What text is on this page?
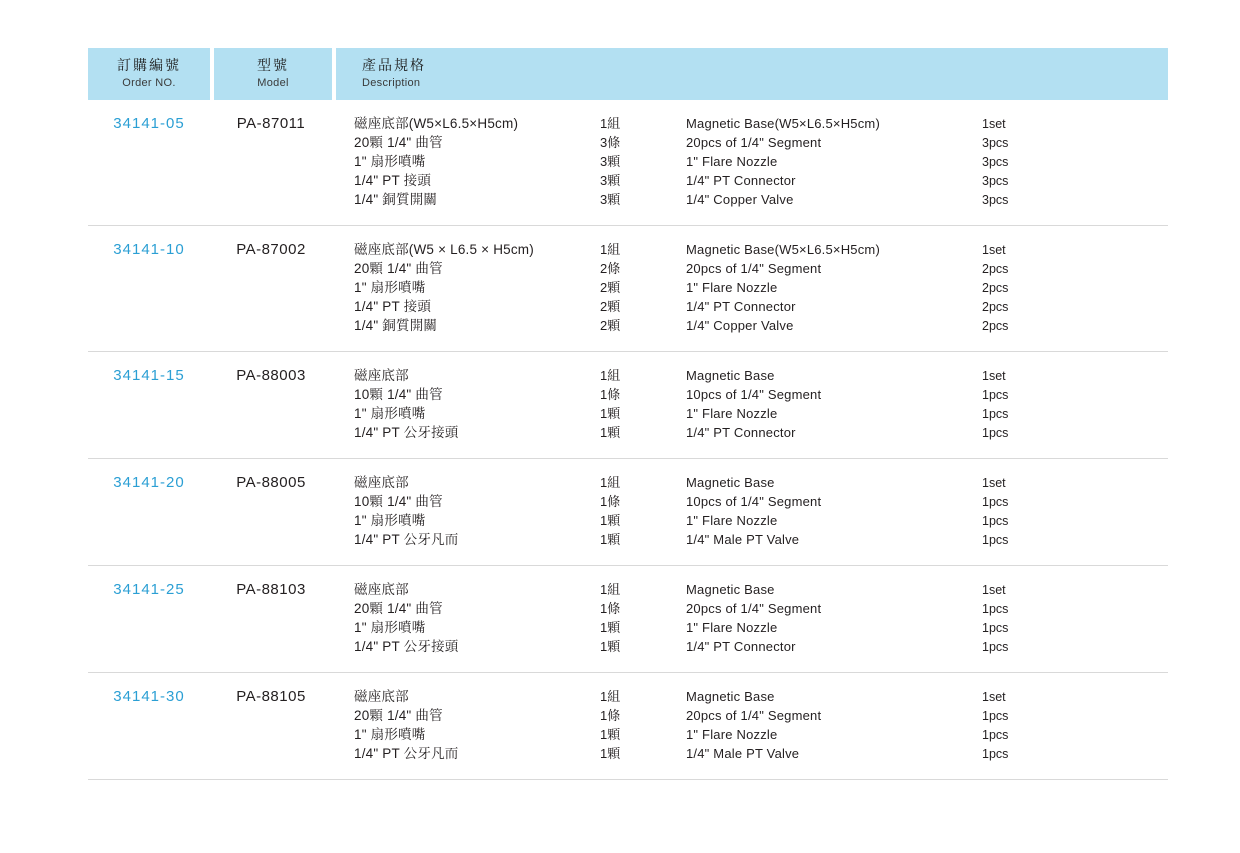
訂購編號
Order NO.
型號
Model
產品規格
Description
34141-05	PA-87011	磁座底部(W5×L6.5×H5cm)	1組	Magnetic Base(W5×L6.5×H5cm)	1set
20顆 1/4" 曲管	3條	20pcs of 1/4" Segment	3pcs
1" 扇形噴嘴	3顆	1" Flare Nozzle	3pcs
1/4" PT 接頭	3顆	1/4" PT Connector	3pcs
1/4" 銅質開關	3顆	1/4" Copper Valve	3pcs
34141-10	PA-87002	磁座底部(W5 × L6.5 × H5cm)	1組	Magnetic Base(W5×L6.5×H5cm)	1set
20顆 1/4" 曲管	2條	20pcs of 1/4" Segment	2pcs
1" 扇形噴嘴	2顆	1" Flare Nozzle	2pcs
1/4" PT 接頭	2顆	1/4" PT Connector	2pcs
1/4" 銅質開關	2顆	1/4" Copper Valve	2pcs
34141-15	PA-88003	磁座底部	1組	Magnetic Base	1set
10顆 1/4" 曲管	1條	10pcs of 1/4" Segment	1pcs
1" 扇形噴嘴	1顆	1" Flare Nozzle	1pcs
1/4" PT 公牙接頭	1顆	1/4" PT Connector	1pcs
34141-20	PA-88005	磁座底部	1組	Magnetic Base	1set
10顆 1/4" 曲管	1條	10pcs of 1/4" Segment	1pcs
1" 扇形噴嘴	1顆	1" Flare Nozzle	1pcs
1/4" PT 公牙凡而	1顆	1/4" Male PT Valve	1pcs
34141-25	PA-88103	磁座底部	1組	Magnetic Base	1set
20顆 1/4" 曲管	1條	20pcs of 1/4" Segment	1pcs
1" 扇形噴嘴	1顆	1" Flare Nozzle	1pcs
1/4" PT 公牙接頭	1顆	1/4" PT Connector	1pcs
34141-30	PA-88105	磁座底部	1組	Magnetic Base	1set
20顆 1/4" 曲管	1條	20pcs of 1/4" Segment	1pcs
1" 扇形噴嘴	1顆	1" Flare Nozzle	1pcs
1/4" PT 公牙凡而	1顆	1/4" Male PT Valve	1pcs
